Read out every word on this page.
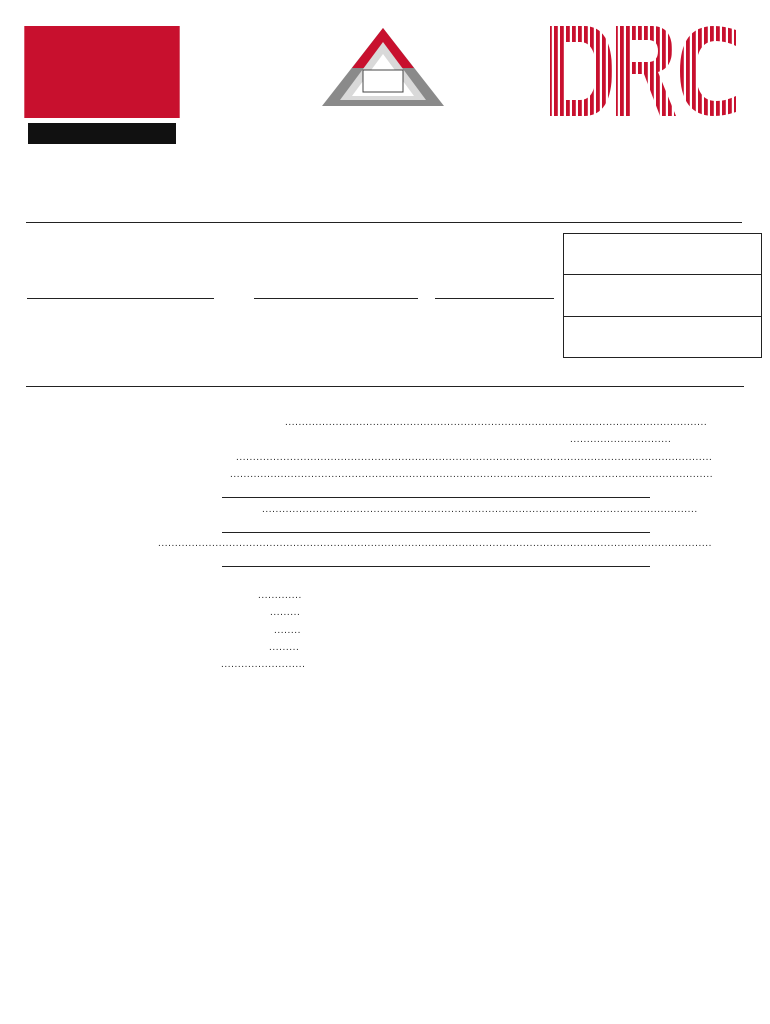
.............................................................................................................................
..............................
.............................................................................................................................................
...............................................................................................................................................
.................................................................................................................................
....................................................................................................................................................................
.............
.........
........
.........
.........................
